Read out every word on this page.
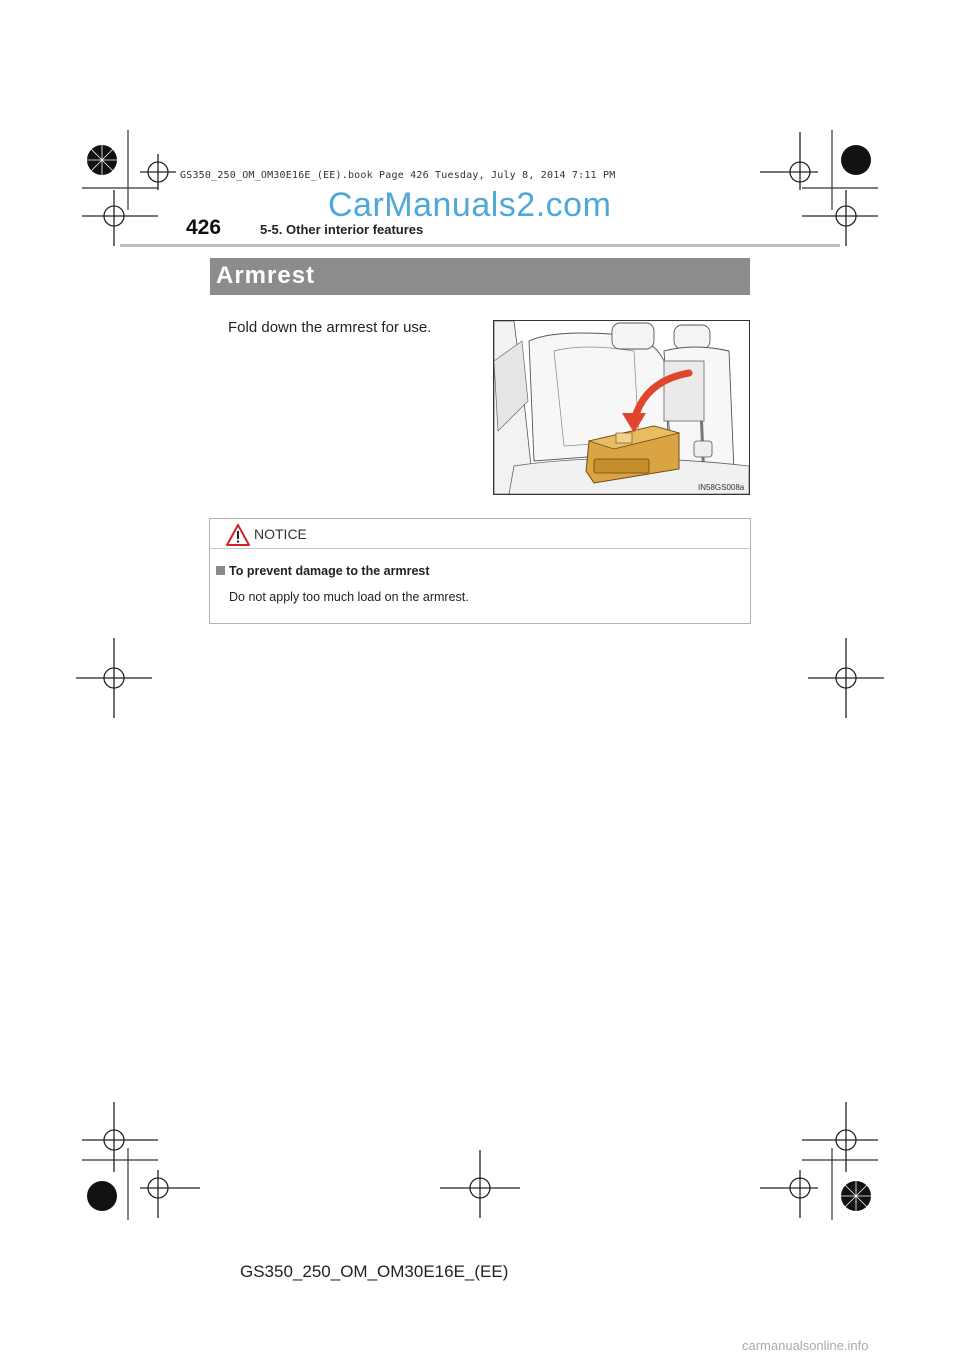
GS350_250_OM_OM30E16E_(EE).book Page 426 Tuesday, July 8, 2014 7:11 PM
CarManuals2.com
426	5-5. Other interior features
Armrest
Fold down the armrest for use.
IN58GS008a
NOTICE
To prevent damage to the armrest
Do not apply too much load on the armrest.
GS350_250_OM_OM30E16E_(EE)
carmanualsonline.info
